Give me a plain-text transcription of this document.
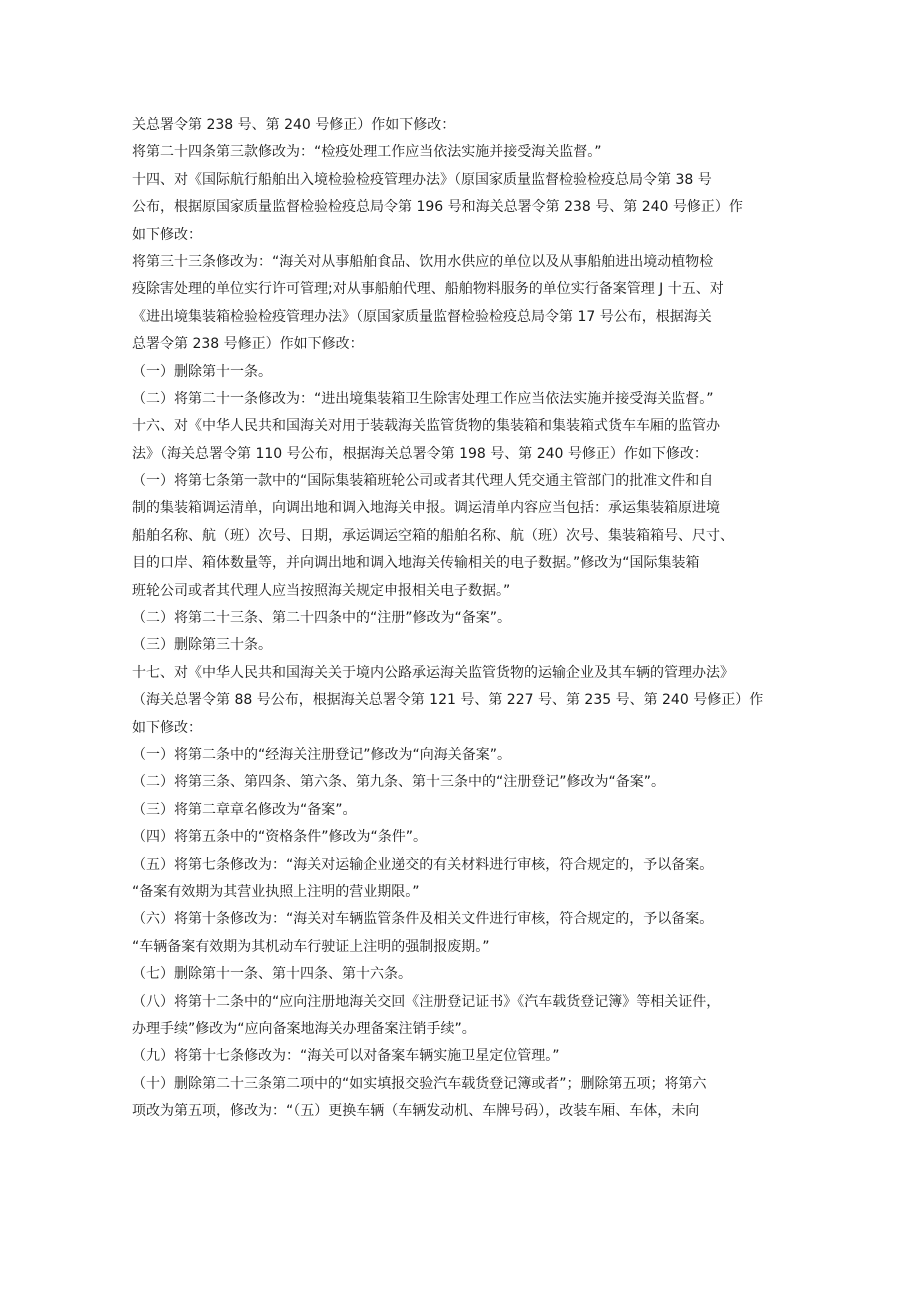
关总署令第 238 号、第 240 号修正）作如下修改：
将第二十四条第三款修改为：“检疫处理工作应当依法实施并接受海关监督。”
十四、对《国际航行船舶出入境检验检疫管理办法》（原国家质量监督检验检疫总局令第 38 号
公布，根据原国家质量监督检验检疫总局令第 196 号和海关总署令第 238 号、第 240 号修正）作
如下修改：
将第三十三条修改为：“海关对从事船舶食品、饮用水供应的单位以及从事船舶进出境动植物检
疫除害处理的单位实行许可管理;对从事船舶代理、船舶物料服务的单位实行备案管理 J 十五、对
《进出境集装箱检验检疫管理办法》（原国家质量监督检验检疫总局令第 17 号公布，根据海关
总署令第 238 号修正）作如下修改：
（一）删除第十一条。
（二）将第二十一条修改为：“进出境集装箱卫生除害处理工作应当依法实施并接受海关监督。”
十六、对《中华人民共和国海关对用于装载海关监管货物的集装箱和集装箱式货车车厢的监管办
法》（海关总署令第 110 号公布，根据海关总署令第 198 号、第 240 号修正）作如下修改：
（一）将第七条第一款中的“国际集装箱班轮公司或者其代理人凭交通主管部门的批准文件和自
制的集装箱调运清单，向调出地和调入地海关申报。调运清单内容应当包括：承运集装箱原进境
船舶名称、航（班）次号、日期，承运调运空箱的船舶名称、航（班）次号、集装箱箱号、尺寸、
目的口岸、箱体数量等，并向调出地和调入地海关传输相关的电子数据。”修改为“国际集装箱
班轮公司或者其代理人应当按照海关规定申报相关电子数据。”
（二）将第二十三条、第二十四条中的“注册”修改为“备案”。
（三）删除第三十条。
十七、对《中华人民共和国海关关于境内公路承运海关监管货物的运输企业及其车辆的管理办法》
（海关总署令第 88 号公布，根据海关总署令第 121 号、第 227 号、第 235 号、第 240 号修正）作
如下修改：
（一）将第二条中的“经海关注册登记”修改为“向海关备案”。
（二）将第三条、第四条、第六条、第九条、第十三条中的“注册登记”修改为“备案”。
（三）将第二章章名修改为“备案”。
（四）将第五条中的“资格条件”修改为“条件”。
（五）将第七条修改为：“海关对运输企业递交的有关材料进行审核，符合规定的，予以备案。
“备案有效期为其营业执照上注明的营业期限。”
（六）将第十条修改为：“海关对车辆监管条件及相关文件进行审核，符合规定的，予以备案。
“车辆备案有效期为其机动车行驶证上注明的强制报废期。”
（七）删除第十一条、第十四条、第十六条。
（八）将第十二条中的“应向注册地海关交回《注册登记证书》《汽车载货登记簿》等相关证件，
办理手续”修改为“应向备案地海关办理备案注销手续”。
（九）将第十七条修改为：“海关可以对备案车辆实施卫星定位管理。”
（十）删除第二十三条第二项中的“如实填报交验汽车载货登记簿或者”；删除第五项；将第六
项改为第五项，修改为：“（五）更换车辆（车辆发动机、车牌号码），改装车厢、车体，未向
